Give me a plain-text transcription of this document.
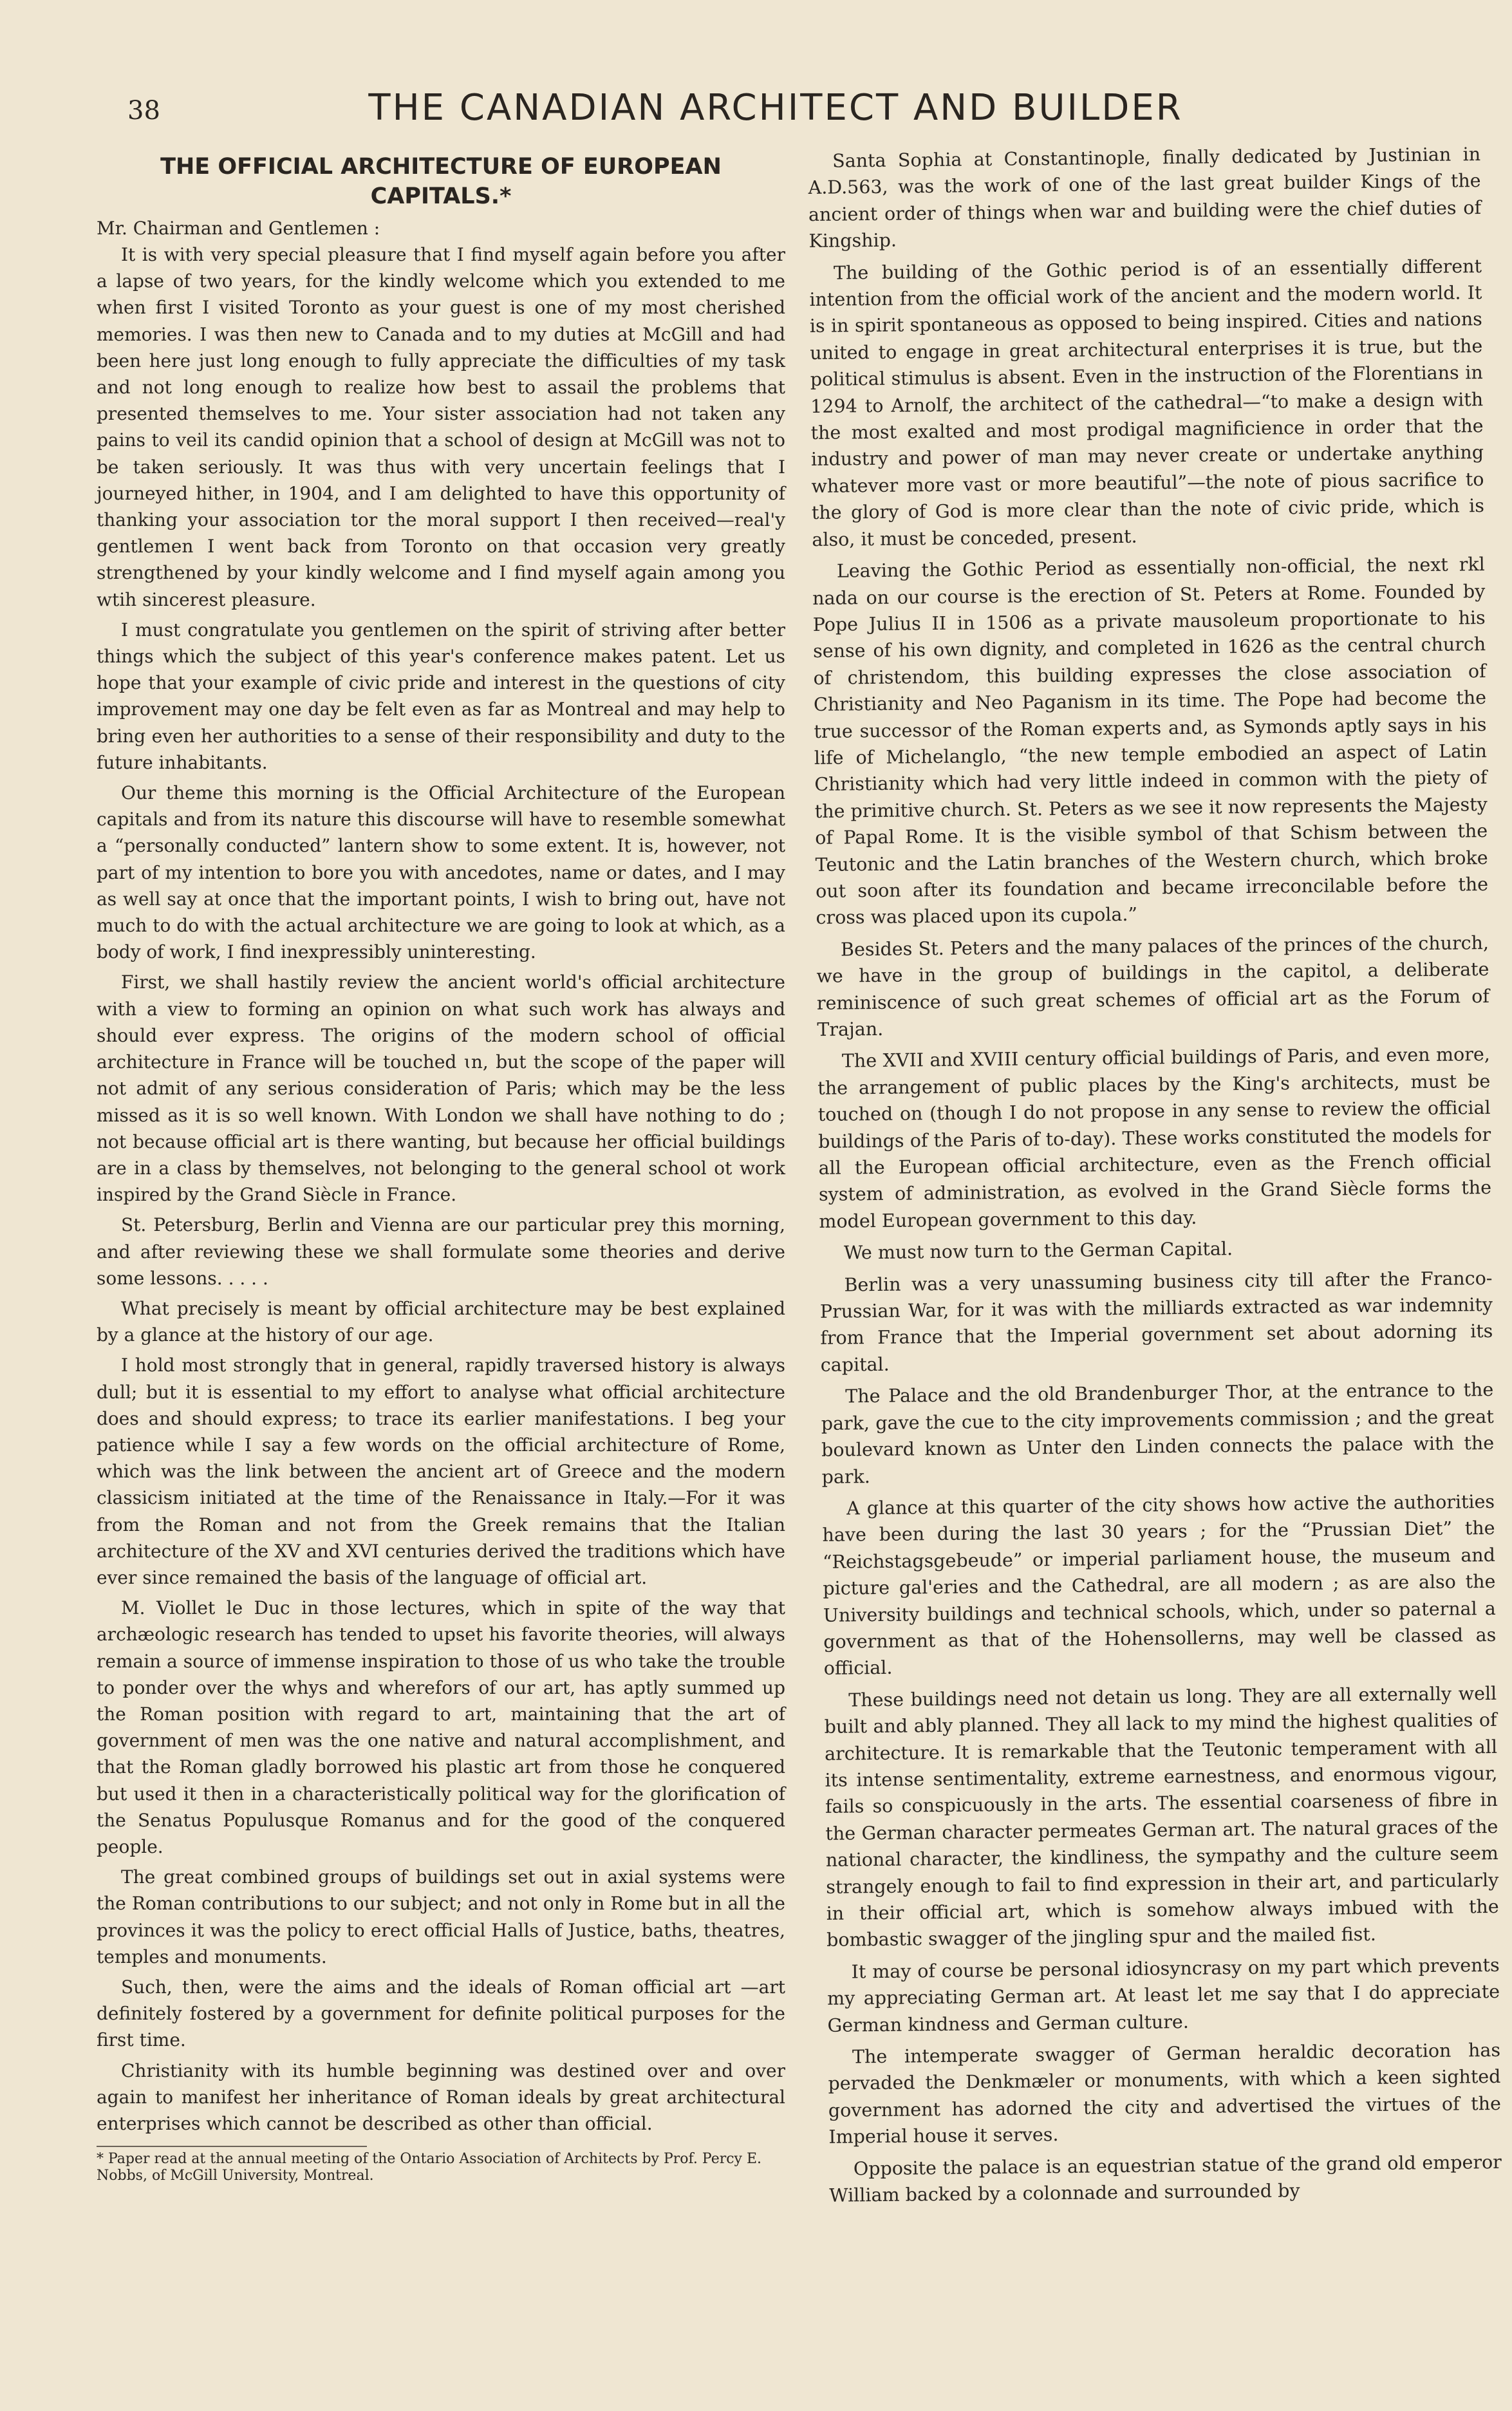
38	THE CANADIAN ARCHITECT AND BUILDER
THE OFFICIAL ARCHITECTURE OF EUROPEAN CAPITALS.*

Mr. Chairman and Gentlemen :

It is with very special pleasure that I find myself again before you after a lapse of two years, for the kindly welcome which you extended to me when first I visited Toronto as your guest is one of my most cherished memories. I was then new to Canada and to my duties at McGill and had been here just long enough to fully appreciate the difficulties of my task and not long enough to realize how best to assail the problems that presented themselves to me. Your sister association had not taken any pains to veil its candid opinion that a school of design at McGill was not to be taken seriously. It was thus with very uncertain feelings that I journeyed hither, in 1904, and I am delighted to have this opportunity of thanking your association tor the moral support I then received—real'y gentlemen I went back from Toronto on that occasion very greatly strengthened by your kindly welcome and I find myself again among you wtih sincerest pleasure.

I must congratulate you gentlemen on the spirit of striving after better things which the subject of this year's conference makes patent. Let us hope that your example of civic pride and interest in the questions of city improvement may one day be felt even as far as Montreal and may help to bring even her authorities to a sense of their responsibility and duty to the future inhabitants.

Our theme this morning is the Official Architecture of the European capitals and from its nature this discourse will have to resemble somewhat a “personally conducted” lantern show to some extent. It is, however, not part of my intention to bore you with ancedotes, name or dates, and I may as well say at once that the important points, I wish to bring out, have not much to do with the actual architecture we are going to look at which, as a body of work, I find inexpressibly uninteresting.

First, we shall hastily review the ancient world's official architecture with a view to forming an opinion on what such work has always and should ever express. The origins of the modern school of official architecture in France will be touched ɩn, but the scope of the paper will not admit of any serious consideration of Paris; which may be the less missed as it is so well known. With London we shall have nothing to do ; not because official art is there wanting, but because her official buildings are in a class by themselves, not belonging to the general school ot work inspired by the Grand Siècle in France.

St. Petersburg, Berlin and Vienna are our particular prey this morning, and after reviewing these we shall formulate some theories and derive some lessons. . . . .

What precisely is meant by official architecture may be best explained by a glance at the history of our age.

I hold most strongly that in general, rapidly traversed history is always dull; but it is essential to my effort to analyse what official architecture does and should express; to trace its earlier manifestations. I beg your patience while I say a few words on the official architecture of Rome, which was the link between the ancient art of Greece and the modern classicism initiated at the time of the Renaissance in Italy.—For it was from the Roman and not from the Greek remains that the Italian architecture of the XV and XVI centuries derived the traditions which have ever since remained the basis of the language of official art.

M. Viollet le Duc in those lectures, which in spite of the way that archæologic research has tended to upset his favorite theories, will always remain a source of immense inspiration to those of us who take the trouble to ponder over the whys and wherefors of our art, has aptly summed up the Roman position with regard to art, maintaining that the art of government of men was the one native and natural accomplishment, and that the Roman gladly borrowed his plastic art from those he conquered but used it then in a characteristically political way for the glorification of the Senatus Populusque Romanus and for the good of the conquered people.

The great combined groups of buildings set out in axial systems were the Roman contributions to our subject; and not only in Rome but in all the provinces it was the policy to erect official Halls of Justice, baths, theatres, temples and monuments.

Such, then, were the aims and the ideals of Roman official art —art definitely fostered by a government for definite political purposes for the first time.

Christianity with its humble beginning was destined over and over again to manifest her inheritance of Roman ideals by great architectural enterprises which cannot be described as other than official.

* Paper read at the annual meeting of the Ontario Association of Architects by Prof. Percy E. Nobbs, of McGill University, Montreal.

Santa Sophia at Constantinople, finally dedicated by Justinian in A.D.563, was the work of one of the last great builder Kings of the ancient order of things when war and building were the chief duties of Kingship.

The building of the Gothic period is of an essentially different intention from the official work of the ancient and the modern world. It is in spirit spontaneous as opposed to being inspired. Cities and nations united to engage in great architectural enterprises it is true, but the political stimulus is absent. Even in the instruction of the Florentians in 1294 to Arnolf, the architect of the cathedral—“to make a design with the most exalted and most prodigal magnificience in order that the industry and power of man may never create or undertake anything whatever more vast or more beautiful”—the note of pious sacrifice to the glory of God is more clear than the note of civic pride, which is also, it must be conceded, present.

Leaving the Gothic Period as essentially non-official, the next rkl nada on our course is the erection of St. Peters at Rome. Founded by Pope Julius II in 1506 as a private mausoleum proportionate to his sense of his own dignity, and completed in 1626 as the central church of christendom, this building expresses the close association of Christianity and Neo Paganism in its time. The Pope had become the true successor of the Roman experts and, as Symonds aptly says in his life of Michelanglo, “the new temple embodied an aspect of Latin Christianity which had very little indeed in common with the piety of the primitive church. St. Peters as we see it now represents the Majesty of Papal Rome. It is the visible symbol of that Schism between the Teutonic and the Latin branches of the Western church, which broke out soon after its foundation and became irreconcilable before the cross was placed upon its cupola.”

Besides St. Peters and the many palaces of the princes of the church, we have in the group of buildings in the capitol, a deliberate reminiscence of such great schemes of official art as the Forum of Trajan.

The XVII and XVIII century official buildings of Paris, and even more, the arrangement of public places by the King's architects, must be touched on (though I do not propose in any sense to review the official buildings of the Paris of to-day). These works constituted the models for all the European official architecture, even as the French official system of administration, as evolved in the Grand Siècle forms the model European government to this day.

We must now turn to the German Capital.

Berlin was a very unassuming business city till after the Franco-Prussian War, for it was with the milliards extracted as war indemnity from France that the Imperial government set about adorning its capital.

The Palace and the old Brandenburger Thor, at the entrance to the park, gave the cue to the city improvements commission ; and the great boulevard known as Unter den Linden connects the palace with the park.

A glance at this quarter of the city shows how active the authorities have been during the last 30 years ; for the “Prussian Diet” the “Reichstagsgebeude” or imperial parliament house, the museum and picture gal'eries and the Cathedral, are all modern ; as are also the University buildings and technical schools, which, under so paternal a government as that of the Hohensollerns, may well be classed as official.

These buildings need not detain us long. They are all externally well built and ably planned. They all lack to my mind the highest qualities of architecture. It is remarkable that the Teutonic temperament with all its intense sentimentality, extreme earnestness, and enormous vigour, fails so conspicuously in the arts. The essential coarseness of fibre in the German character permeates German art. The natural graces of the national character, the kindliness, the sympathy and the culture seem strangely enough to fail to find expression in their art, and particularly in their official art, which is somehow always imbued with the bombastic swagger of the jingling spur and the mailed fist.

It may of course be personal idiosyncrasy on my part which prevents my appreciating German art. At least let me say that I do appreciate German kindness and German culture.

The intemperate swagger of German heraldic decoration has pervaded the Denkmæler or monuments, with which a keen sighted government has adorned the city and advertised the virtues of the Imperial house it serves.

Opposite the palace is an equestrian statue of the grand old emperor William backed by a colonnade and surrounded by
